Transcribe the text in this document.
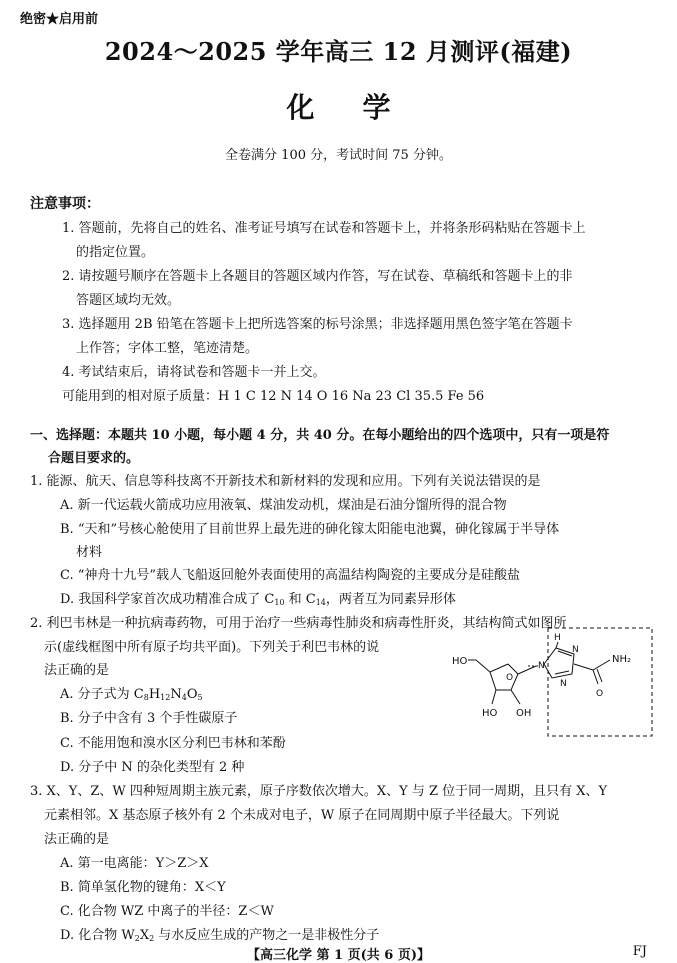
绝密★启用前
2024～2025 学年高三 12 月测评(福建)
化学
全卷满分 100 分，考试时间 75 分钟。
注意事项：
1. 答题前，先将自己的姓名、准考证号填写在试卷和答题卡上，并将条形码粘贴在答题卡上
的指定位置。
2. 请按题号顺序在答题卡上各题目的答题区域内作答，写在试卷、草稿纸和答题卡上的非
答题区域均无效。
3. 选择题用 2B 铅笔在答题卡上把所选答案的标号涂黑；非选择题用黑色签字笔在答题卡
上作答；字体工整，笔迹清楚。
4. 考试结束后，请将试卷和答题卡一并上交。
可能用到的相对原子质量：H 1 C 12 N 14 O 16 Na 23 Cl 35.5 Fe 56
一、选择题：本题共 10 小题，每小题 4 分，共 40 分。在每小题给出的四个选项中，只有一项是符
合题目要求的。
1. 能源、航天、信息等科技离不开新技术和新材料的发现和应用。下列有关说法错误的是
A. 新一代运载火箭成功应用液氧、煤油发动机，煤油是石油分馏所得的混合物
B. “天和”号核心舱使用了目前世界上最先进的砷化镓太阳能电池翼，砷化镓属于半导体
材料
C. “神舟十九号”载人飞船返回舱外表面使用的高温结构陶瓷的主要成分是硅酸盐
D. 我国科学家首次成功精准合成了 $C_{10}$ 和 $C_{14}$，两者互为同素异形体
2. 利巴韦林是一种抗病毒药物，可用于治疗一些病毒性肺炎和病毒性肝炎，其结构简式如图所
示(虚线框图中所有原子均共平面)。下列关于利巴韦林的说
法正确的是
A. 分子式为 $C_8H_{12}N_4O_5$
B. 分子中含有 3 个手性碳原子
C. 不能用饱和溴水区分利巴韦林和苯酚
D. 分子中 N 的杂化类型有 2 种
HO
HO OH
O
H
N
N
N
O
NH₂
3. X、Y、Z、W 四种短周期主族元素，原子序数依次增大。X、Y 与 Z 位于同一周期，且只有 X、Y
元素相邻。X 基态原子核外有 2 个未成对电子，W 原子在同周期中原子半径最大。下列说
法正确的是
A. 第一电离能：Y＞Z＞X
B. 简单氢化物的键角：X＜Y
C. 化合物 WZ 中离子的半径：Z＜W
D. 化合物 $W_2X_2$ 与水反应生成的产物之一是非极性分子
【高三化学 第 1 页(共 6 页)】	FJ
